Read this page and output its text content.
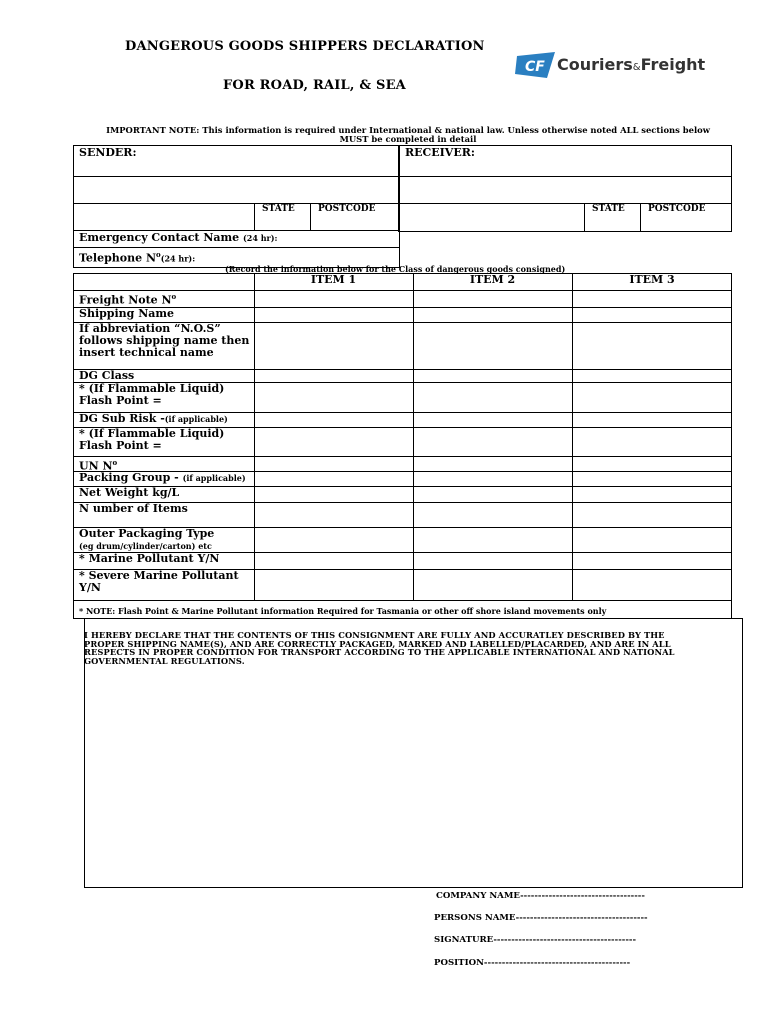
DANGEROUS GOODS SHIPPERS DECLARATION
FOR ROAD, RAIL, & SEA
CF Couriers&Freight
IMPORTANT NOTE: This information is required under International & national law. Unless otherwise noted ALL sections below
MUST be completed in detail
SENDER:
STATE	POSTCODE
Emergency Contact Name (24 hr):
Telephone $N^o(24$ hr):
RECEIVER:
STATE	POSTCODE
(Record the information below for the Class of dangerous goods consigned)
ITEM 1	ITEM 2	ITEM 3
Freight Note $N^o$
Shipping Name
If abbreviation “N.O.S”
follows shipping name then
insert technical name
DG Class
* (If Flammable Liquid)
Flash Point =
DG Sub Risk -(if applicable)
* (If Flammable Liquid)
Flash Point =
UN $N^o$
Packing Group - (if applicable)
Net Weight kg/L
N umber of Items
Outer Packaging Type
(eg drum/cylinder/carton) etc
* Marine Pollutant Y/N
* Severe Marine Pollutant
Y/N
* NOTE: Flash Point & Marine Pollutant information Required for Tasmania or other off shore island movements only
I HEREBY DECLARE THAT THE CONTENTS OF THIS CONSIGNMENT ARE FULLY AND ACCURATLEY DESCRIBED BY THE
PROPER SHIPPING NAME(S), AND ARE CORRECTLY PACKAGED, MARKED AND LABELLED/PLACARDED, AND ARE IN ALL
RESPECTS IN PROPER CONDITION FOR TRANSPORT ACCORDING TO THE APPLICABLE INTERNATIONAL AND NATIONAL
GOVERNMENTAL REGULATIONS.
COMPANY NAME-----------------------------------
PERSONS NAME-------------------------------------
SIGNATURE----------------------------------------
POSITION-----------------------------------------
